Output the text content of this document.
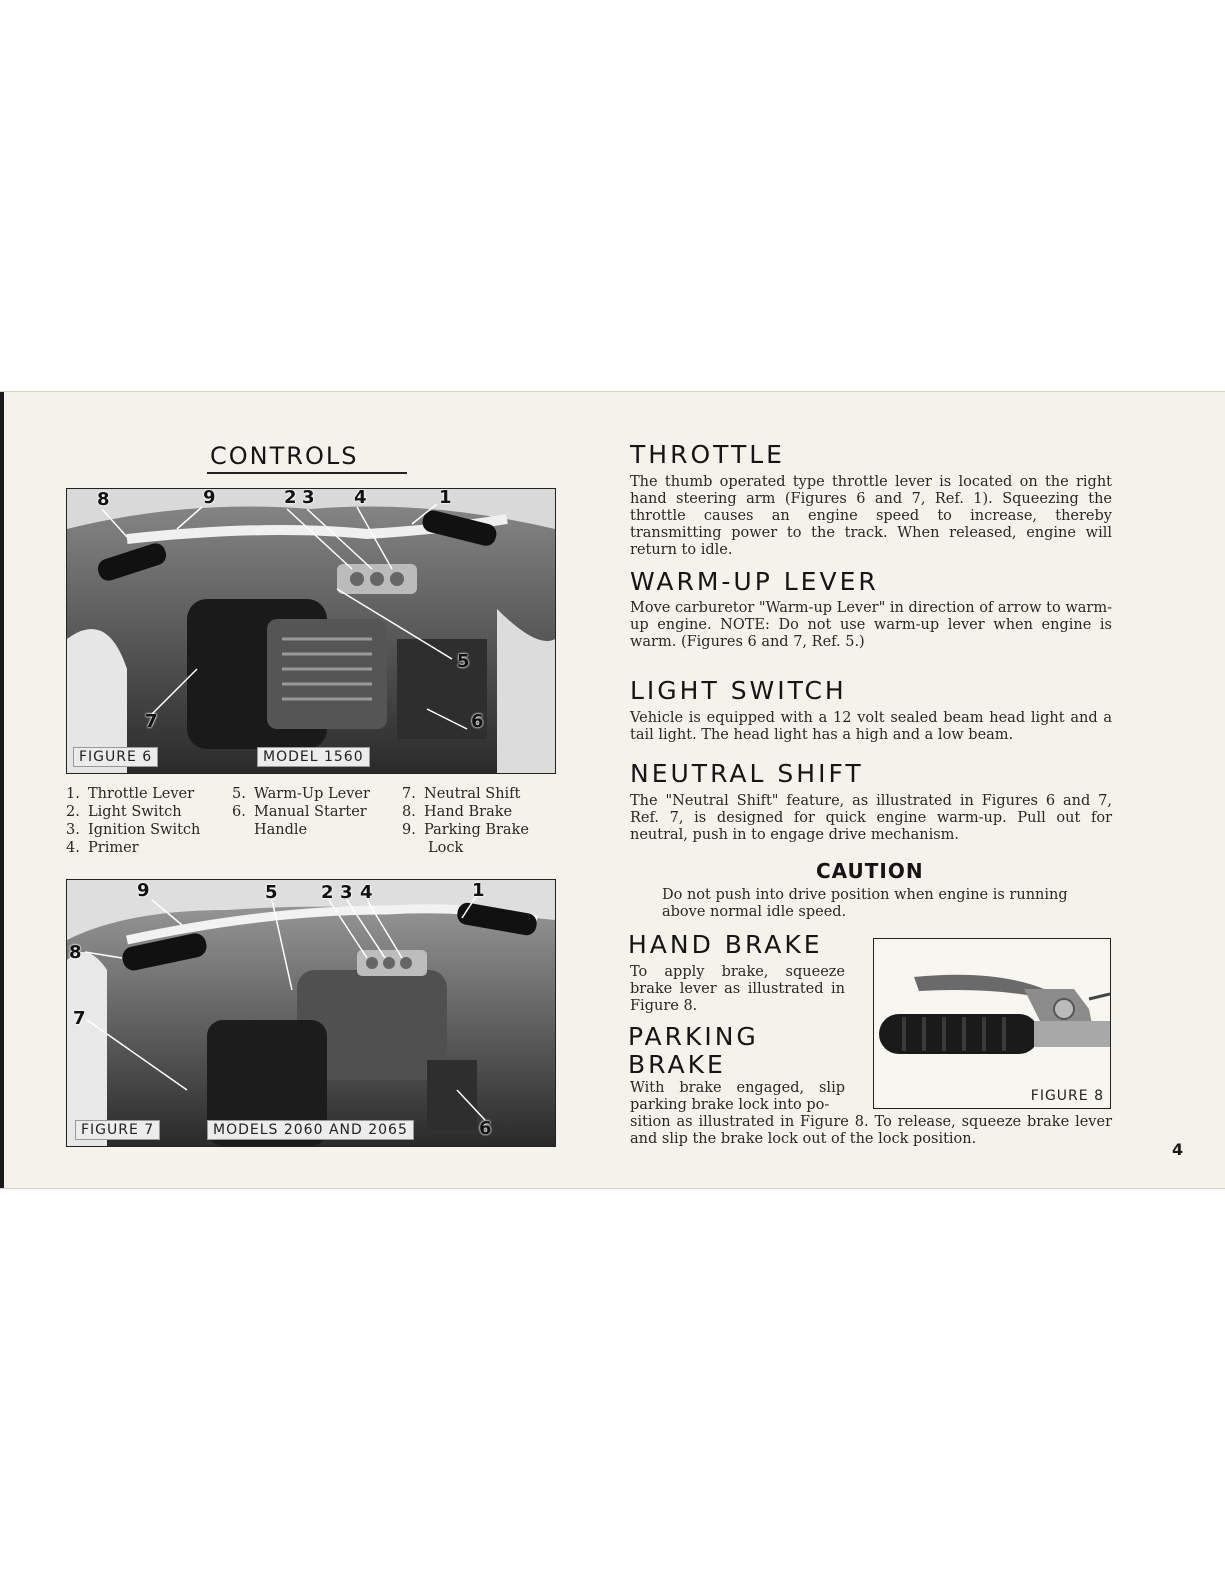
CONTROLS
8	9	2 3 4	1
5
7	6
FIGURE 6	MODEL 1560
1. Throttle Lever
2. Light Switch
3. Ignition Switch
4. Primer
5. Warm-Up Lever
6. Manual Starter
Handle
7. Neutral Shift
8. Hand Brake
9. Parking Brake
Lock
9	5 2 3 4	1
8
7
6
FIGURE 7	MODELS 2060 AND 2065
THROTTLE

The thumb operated type throttle lever is located on the right hand steering arm (Figures 6 and 7, Ref. 1). Squeezing the throttle causes an engine speed to increase, thereby transmitting power to the track. When released, engine will return to idle.

WARM-UP LEVER

Move carburetor "Warm-up Lever" in direction of arrow to warm-up engine. NOTE: Do not use warm-up lever when engine is warm. (Figures 6 and 7, Ref. 5.)

LIGHT SWITCH

Vehicle is equipped with a 12 volt sealed beam head light and a tail light. The head light has a high and a low beam.

NEUTRAL SHIFT

The "Neutral Shift" feature, as illustrated in Figures 6 and 7, Ref. 7, is designed for quick engine warm-up. Pull out for neutral, push in to engage drive mechanism.

CAUTION

Do not push into drive position when engine is running above normal idle speed.

HAND BRAKE

To apply brake, squeeze brake lever as illustrated in Figure 8.

PARKING
BRAKE

With brake engaged, slip parking brake lock into po-

sition as illustrated in Figure 8. To release, squeeze brake lever and slip the brake lock out of the lock position.

FIGURE 8
4
